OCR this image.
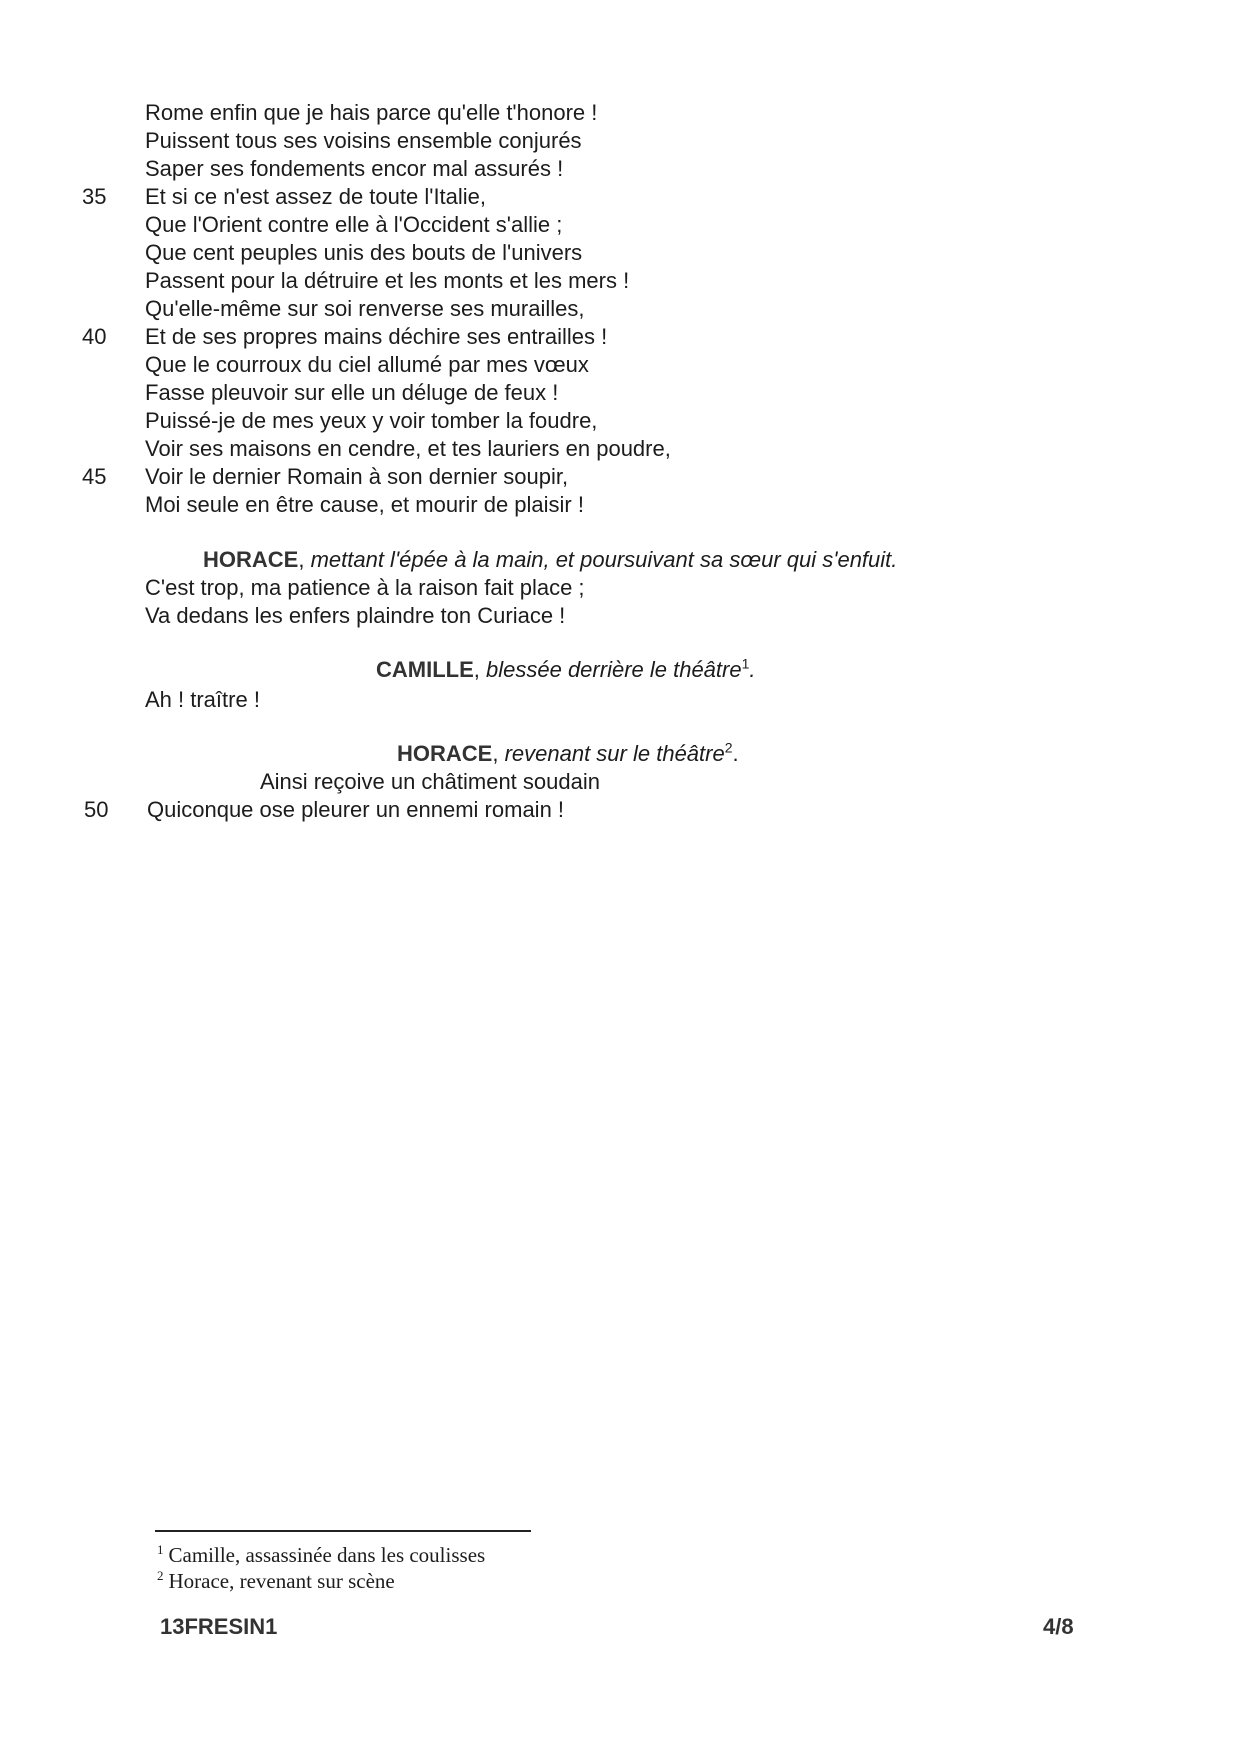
Rome enfin que je hais parce qu'elle t'honore !
Puissent tous ses voisins ensemble conjurés
Saper ses fondements encor mal assurés !
35 Et si ce n'est assez de toute l'Italie,
Que l'Orient contre elle à l'Occident s'allie ;
Que cent peuples unis des bouts de l'univers
Passent pour la détruire et les monts et les mers !
Qu'elle-même sur soi renverse ses murailles,
40 Et de ses propres mains déchire ses entrailles !
Que le courroux du ciel allumé par mes vœux
Fasse pleuvoir sur elle un déluge de feux !
Puissé-je de mes yeux y voir tomber la foudre,
Voir ses maisons en cendre, et tes lauriers en poudre,
45 Voir le dernier Romain à son dernier soupir,
Moi seule en être cause, et mourir de plaisir !
HORACE, mettant l'épée à la main, et poursuivant sa sœur qui s'enfuit.
C'est trop, ma patience à la raison fait place ;
Va dedans les enfers plaindre ton Curiace !
CAMILLE, blessée derrière le théâtre$^1$.
Ah ! traître !
HORACE, revenant sur le théâtre$^2$.
Ainsi reçoive un châtiment soudain
50 Quiconque ose pleurer un ennemi romain !
$^1$ Camille, assassinée dans les coulisses
$^2$ Horace, revenant sur scène
13FRESIN1	4/8
